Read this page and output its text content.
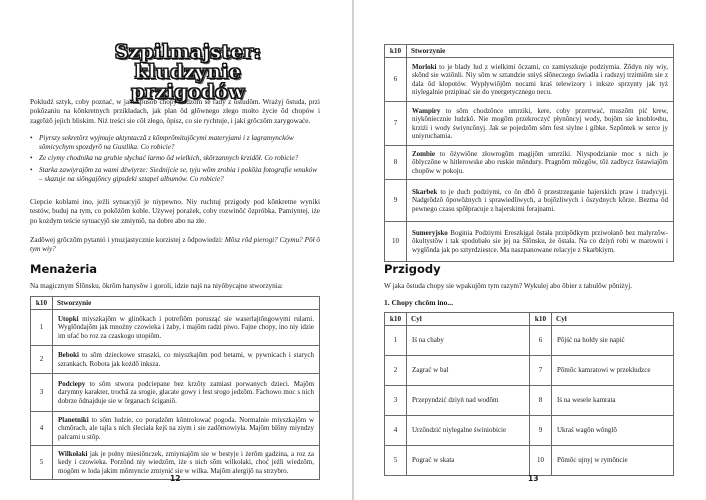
Szpilmajster:
kludzynie przigodów

Pokludź sztyk, coby poznać, w jaki spusōb chopy dadzōm se rady z ôstudōm. Wrażyj ôstuda, przi pokōzaniu na kōnkretnych przikładach, jak plan ôd głōwnego złego mołto życie ôd chopów i zagrōżō jejich bliskim. Niż treści sie cōł złego, ôpisz, co sie rychtuje, i jaki grōczōm zarygowaće.

• Piyrszy sekretôrz wyjmuje aktyntacză z kōmprōmitujōcymi materyjami i z lagramyncków sōmicychym spozdyrō na Gustlika. Co robicie?
• Ze ciymy chodnika na grubie słychać larmo ôd wielkich, skōrzannych krzidōł. Co robicie?
• Starka zawiyrajōm za wami dźwiyrze: Siednijcie se, tyju wōm zrobia i pokōża fotografie wnuków – skazuje na siōngajōncy gipsdeki sztapel albumów. Co robicie?

Ciepcie koblami ino, jeźli sytuacyjō je niypewno. Niy ruchtuj przigody pod kōnkretne wyniki testów, buduj na tym, co pokōżōm koble. Używej porażek, coby rozwinōć ôzpróbka. Pamiyntej, iże po kożdym teście sytuacyjō sie zmiyniō, na dobre abo na złe.

Zadōwej grōczōm pytanió i ynuzjastycznie korzistej z ôdpowiedzi: Mōsz rōd pierogi? Czymu? Pōł ô tym wiy?

Menażeria

Na magicznym Ślōnsku, ôkrōm hanysōw i goroli, idzie najś na niyôbycajne stworzynia:

k10	Stworzynie
1	Utopki miyszkajōm w glinôkach i potrefiōm porusząć sie waserlajtōngowymi rulami. Wyglōndajōm jak mnoźny czowieka i żaby, i majōm radzi piwo. Fajne chopy, ino niy idzie im ufać bo roz za czaskogo utopiōm.
2	Beboki to sōm dzieckowe straszki, co miyszkajōm pod betami, w pywnicach i starych szrankach. Robota jak kożdō inksza.
3	Podciepy to sōm stwora podciepane bez krzōty zamiast porwanych dzieci. Majōm darymny karakter, trochã za srogie, głacate gowy i fest srogo jedzōm. Fachowo moc s nich dobrze ôdnajduje sie w ôrganach ściganiō.
4	Planetniki to sōm ludzie, co porądzōm kōntrolować pogoda. Normalnie miyszkajōm w chmōrach, ale tajla s nich śleciała kejś na ziym i sie zadōmowiyła. Majōm blōny miyndzy palcami u stōp.
5	Wilkołaki jak je połny miesiōnczek, zmiyniajōm sie w bestyje i żerōm gadzina, a roz za kedy i czowieka. Porzōnd niy wiedzōm, iże s nich sōm wilkołaki, choć jeźli wiedzōm, mogōm w loda jakim mōmyncie zmiynić sie w wilka. Majōm alergijō na strzybro.
12
k10	Stworzynie
6	Morloki to je blady lud z wielkimi ôczami, co zamiyszkuje podziymia. Żōdyn niy wiy, skōnd sie wziōnli. Niy sōm w sztandzie sniyś słōneczego świadła i radszyj trzimiōm sie z dala ôd kłopotów. Wypływiōjōm nocami kraś telewizory i inksze sprzynty jak tyż niylegalnie przipinać sie do ynergetycznego necu.
7	Wampiry to sōm chodzōnce umrziki, kere, coby przetrwać, muszōm pić krew, niykōniecznie ludzkō. Nie mogōm przekroczyć płynōncyj wody, bojōm sie knobloчhu, krziżi i wody świyncōnyj. Jak se pojedzōm sōm fest siylne i gibke. Szpōntek w serce jy uniyruchamia.
8	Zombie to ôżywiōne złowrogōm magijōm umrziki. Niyspodzianie moc s nich je ôblyczōne w hitlerowske abo ruskie mōndury. Pragnōm mōzgōw, tōż zadbycz ôstawiajōm chopōw w pokoju.
9	Skarbek to je duch podziymi, co ôn dbô ô przestrzeganie hajerskich praw i tradycyji. Nadgrōdzō ôpowōżnych i sprawiedliwych, a bojōzliwych i ôszydnych kōrze. Bezma ôd pewnego czasu spōłpracuje z hajerskimi ferajnami.
10	Sumeryjsko Boginia Podziymi Ereszkigal ôstała przipōdkym prziwołanō bez malyrzōw-ôkultystōw i tak spodobało sie jej na Ślōnsku, że ôstała. Na co dziyń robi w marowni i wyglōnda jak po sztyrdziestce. Ma naszpanowane relacyje z Skarbkiym.
Przigody

W jaka ôstuda chopy sie wpakujōm tym razym? Wykulej abo ôbier z tabulōw pōniżyj.

1. Chopy chcōm ino...
k10	Cyl	k10	Cyl
1	Iś na chaby	6	Pōjść na hołdy sie napić
2	Zagrać w bal	7	Pōmōc kamratowi w przekludzce
3	Przepyndzić dziyń nad wodōm	8	Iś na wesele kamrata
4	Urzōndzić niylegalne świniobicie	9	Ukraś wagōn wōnglō
5	Pograć w skata	10	Pōmōc ujnyj w rymōncie
13
